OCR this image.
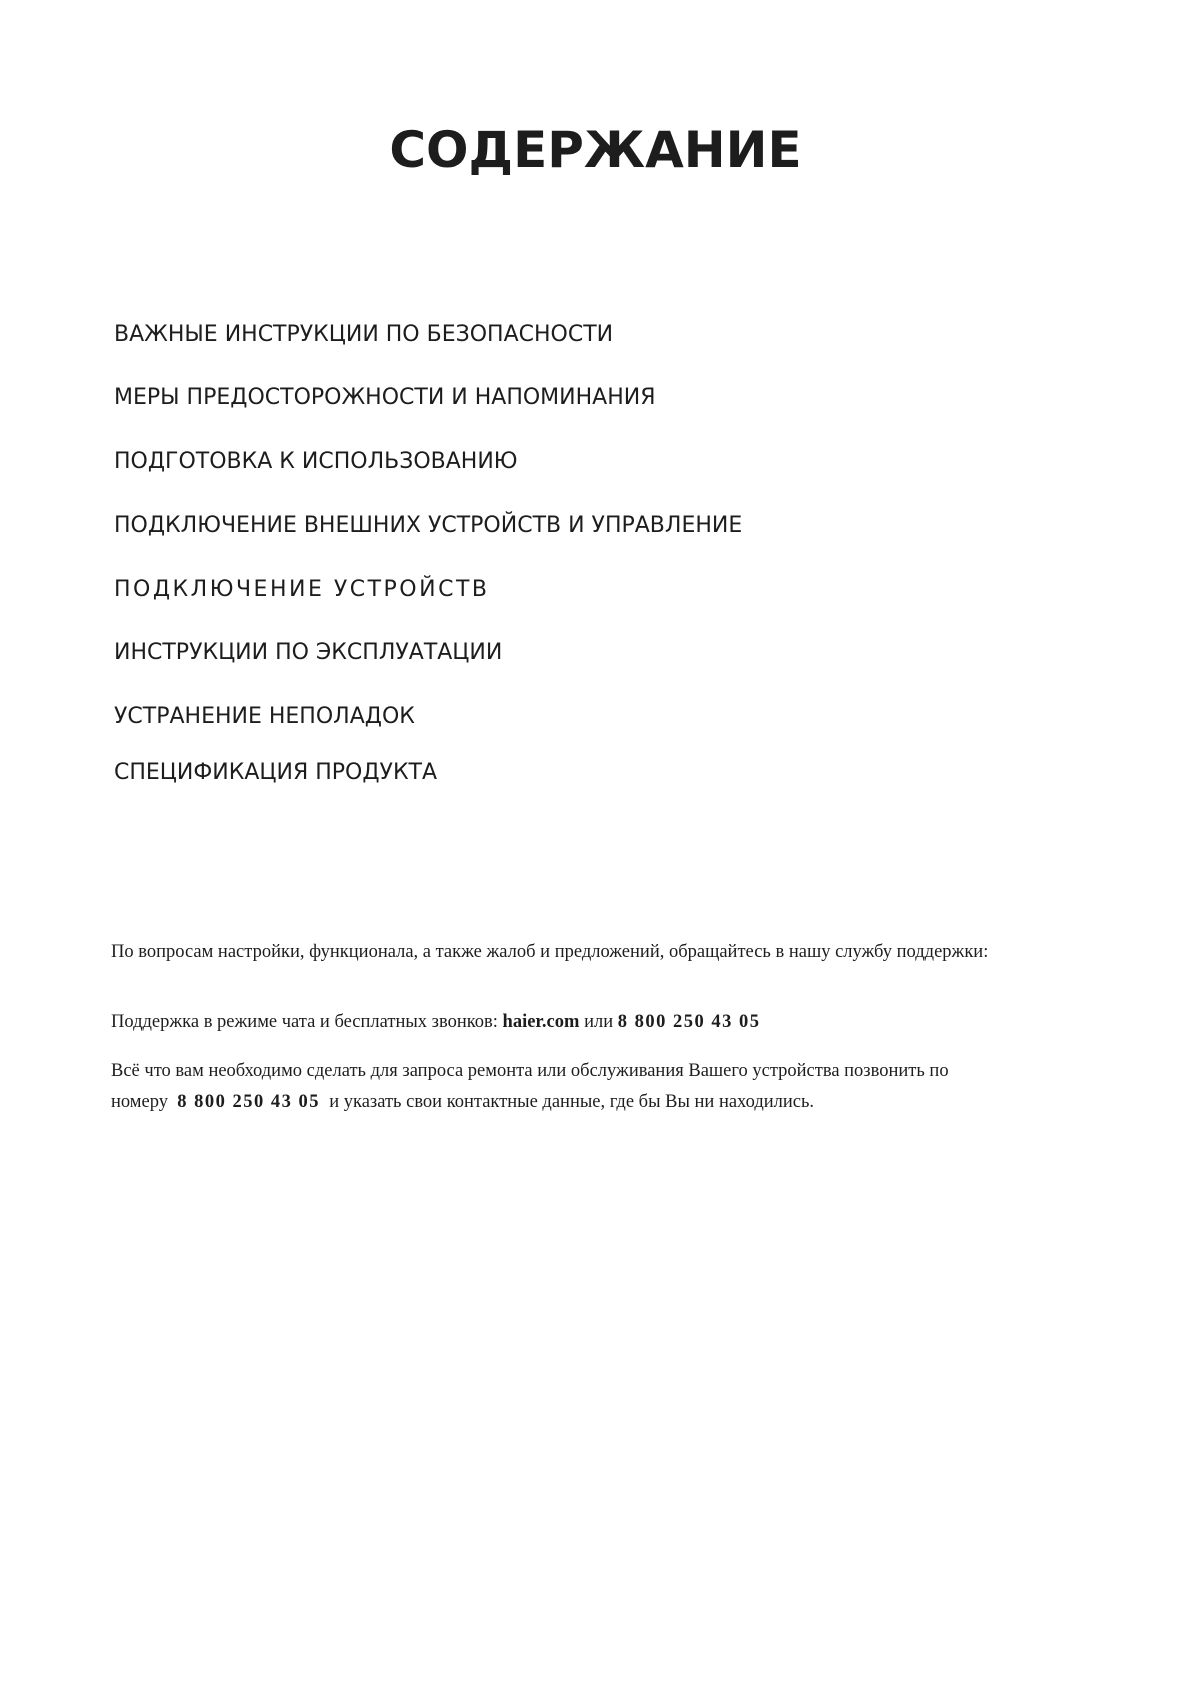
СОДЕРЖАНИЕ
ВАЖНЫЕ ИНСТРУКЦИИ ПО БЕЗОПАСНОСТИ
МЕРЫ ПРЕДОСТОРОЖНОСТИ И НАПОМИНАНИЯ
ПОДГОТОВКА К ИСПОЛЬЗОВАНИЮ
ПОДКЛЮЧЕНИЕ ВНЕШНИХ УСТРОЙСТВ И УПРАВЛЕНИЕ
ПОДКЛЮЧЕНИЕ УСТРОЙСТВ
ИНСТРУКЦИИ ПО ЭКСПЛУАТАЦИИ
УСТРАНЕНИЕ НЕПОЛАДОК
СПЕЦИФИКАЦИЯ ПРОДУКТА

По вопросам настройки, функционала, а также жалоб и предложений, обращайтесь в нашу службу поддержки:

Поддержка в режиме чата и бесплатных звонков: haier.com или 8 800 250 43 05

Всё что вам необходимо сделать для запроса ремонта или обслуживания Вашего устройства позвонить по

номеру 8 800 250 43 05 и указать свои контактные данные, где бы Вы ни находились.
